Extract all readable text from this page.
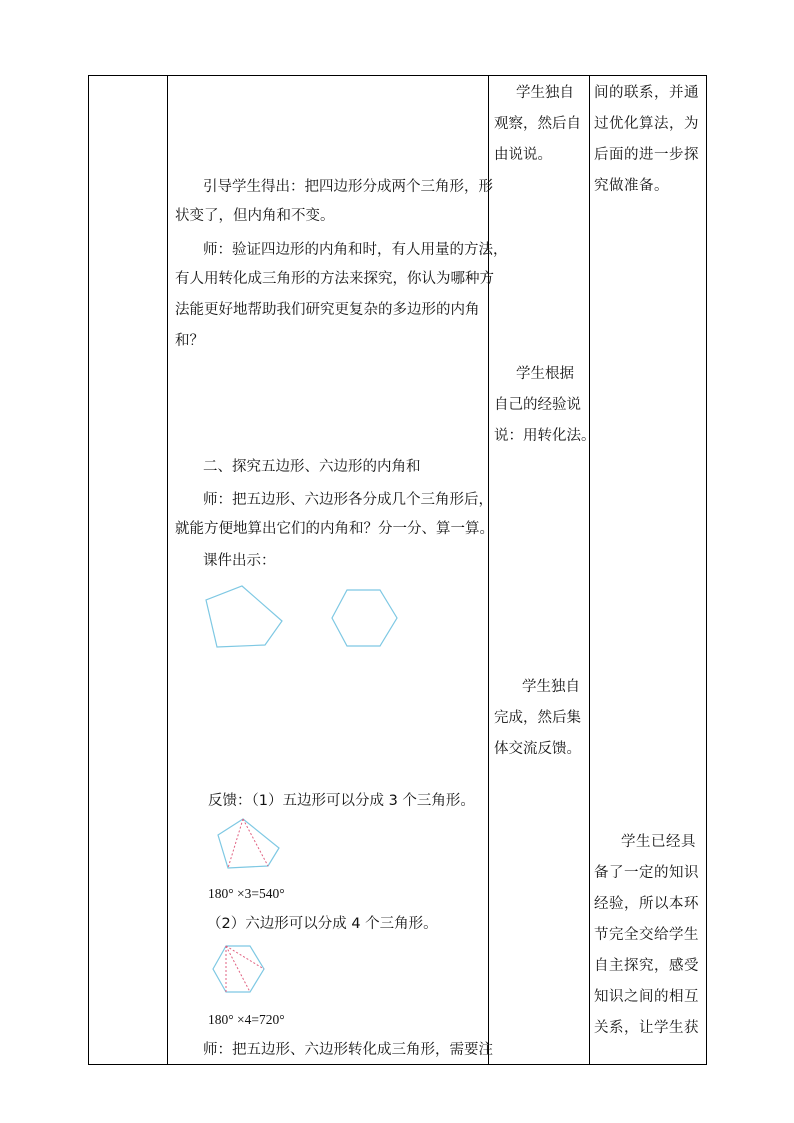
引导学生得出：把四边形分成两个三角形，形
状变了，但内角和不变。
师：验证四边形的内角和时，有人用量的方法，
有人用转化成三角形的方法来探究，你认为哪种方
法能更好地帮助我们研究更复杂的多边形的内角
和？
二、探究五边形、六边形的内角和
师：把五边形、六边形各分成几个三角形后，
就能方便地算出它们的内角和？分一分、算一算。
课件出示：
反馈：（1）五边形可以分成 3 个三角形。
180° ×3=540°
（2）六边形可以分成 4 个三角形。
180° ×4=720°
师：把五边形、六边形转化成三角形，需要注
学生独自
观察，然后自
由说说。
学生根据
自己的经验说
说：用转化法。
学生独自
完成，然后集
体交流反馈。
间的联系，并通
过优化算法，为
后面的进一步探
究做准备。
学生已经具
备了一定的知识
经验，所以本环
节完全交给学生
自主探究，感受
知识之间的相互
关系，让学生获
